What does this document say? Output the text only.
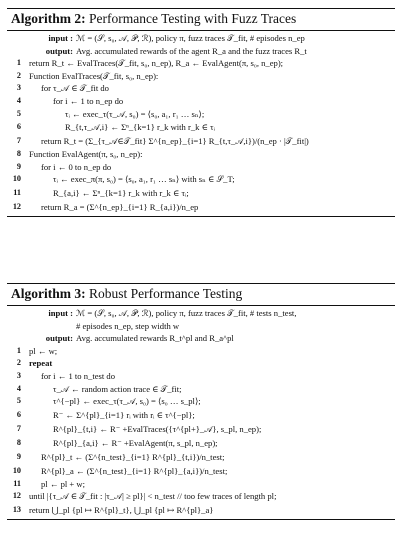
Algorithm 2: Performance Testing with Fuzz Traces
input : ℳ = (𝒮, s₀, 𝒜, 𝒫, ℛ), policy π, fuzz traces 𝒯_fit, # episodes n_ep
output: Avg. accumulated rewards of the agent R_a and the fuzz traces R_t
1 return R_t ← EvalTraces(𝒯_fit, s₀, n_ep), R_a ← EvalAgent(π, s₀, n_ep);
2 Function EvalTraces(𝒯_fit, s₀, n_ep):
3 for τ_𝒜 ∈ 𝒯_fit do
4	for i ← 1 to n_ep do
5	τᵢ ← exec_τ(τ_𝒜, s₀) = ⟨s₀, a₁, r₁ … sₙ⟩;
6	R_{t,τ_𝒜,i} ← Σⁿ_{k=1} r_k with r_k ∈ τᵢ
7 return R_t = (Σ_{τ_𝒜∈𝒯_fit} Σ^{n_ep}_{i=1} R_{t,τ_𝒜,i})/(n_ep · |𝒯_fit|)
8 Function EvalAgent(π, s₀, n_ep):
9 for i ← 0 to n_ep do
10	τᵢ ← exec_π(π, s₀) = ⟨s₀, a₁, r₁ … sₙ⟩ with sₙ ∈ 𝒮_T;
11	R_{a,i} ← Σⁿ_{k=1} r_k with r_k ∈ τᵢ;
12 return R_a = (Σ^{n_ep}_{i=1} R_{a,i})/n_ep
Algorithm 3: Robust Performance Testing
input : ℳ = (𝒮, s₀, 𝒜, 𝒫, ℛ), policy π, fuzz traces 𝒯_fit, # tests n_test,
# episodes n_ep, step width w
output: Avg. accumulated rewards R_t^pl and R_a^pl
1 pl ← w;
2 repeat
3 for i ← 1 to n_test do
4	τ_𝒜 ← random action trace ∈ 𝒯_fit;
5	τ^{−pl} ← exec_τ(τ_𝒜, s₀) = ⟨s₀ … s_pl⟩;
6	R⁻ ← Σ^{pl}_{i=1} rᵢ with rᵢ ∈ τ^{−pl};
7	R^{pl}_{t,i} ← R⁻ +EvalTraces({τ^{pl+}_𝒜}, s_pl, n_ep);
8	R^{pl}_{a,i} ← R⁻ +EvalAgent(π, s_pl, n_ep);
9 R^{pl}_t ← (Σ^{n_test}_{i=1} R^{pl}_{t,i})/n_test;
10 R^{pl}_a ← (Σ^{n_test}_{i=1} R^{pl}_{a,i})/n_test;
11 pl ← pl + w;
12 until |{τ_𝒜 ∈ 𝒯_fit : |τ_𝒜| ≥ pl}| < n_test // too few traces of length pl;
13 return ⋃_pl {pl ↦ R^{pl}_t}, ⋃_pl {pl ↦ R^{pl}_a}
